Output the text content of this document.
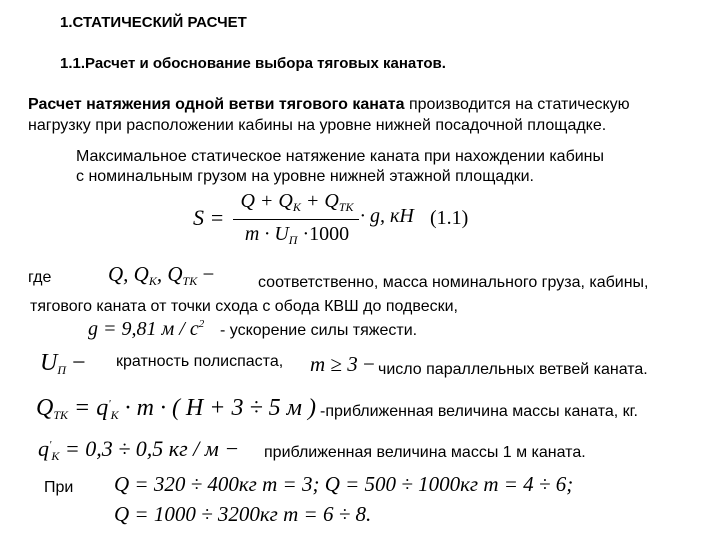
1.СТАТИЧЕСКИЙ РАСЧЕТ
1.1.Расчет и обоснование выбора тяговых канатов.
Расчет натяжения одной ветви тягового каната производится на статическую
нагрузку при расположении кабины на уровне нижней посадочной площадке.
Максимальное статическое натяжение каната при нахождении кабины
с номинальным грузом на уровне нижней этажной площадки.
S =
$Q + Q_K + Q_{TK}$
$m \cdot U_П \cdot 1000$
· g, кН (1.1)
где	Q, $Q_K$, $Q_{TK}$ −	соответственно, масса номинального груза, кабины,
тягового каната от точки схода с обода КВШ до подвески,
g = 9,81 м / $с^2$ - ускорение силы тяжести.
$U_П$ − кратность полиспаста, m ≥ 3 − число параллельных ветвей каната.
$Q_{TK} = q'_K \cdot m$ · ( H + 3 ÷ 5 м ) -приближенная величина массы каната, кг.
$q'_K = 0,3 \div 0,5$ кг / м − приближенная величина массы 1 м каната.
При Q = 320 ÷ 400кг m = 3; Q = 500 ÷ 1000кг m = 4 ÷ 6;
Q = 1000 ÷ 3200кг m = 6 ÷ 8.
